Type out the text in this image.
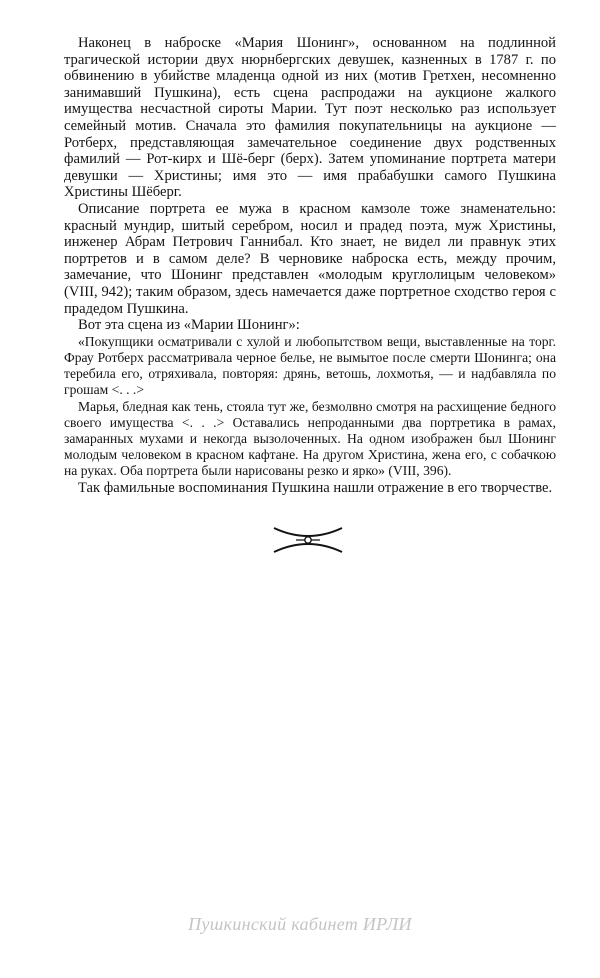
Наконец в наброске «Мария Шонинг», основанном на подлинной трагической истории двух нюрнбергских девушек, казненных в 1787 г. по обвинению в убийстве младенца одной из них (мотив Гретхен, несомненно занимавший Пушкина), есть сцена распродажи на аукционе жалкого имущества несчастной сироты Марии. Тут поэт несколько раз использует семейный мотив. Сначала это фамилия покупательницы на аукционе — Ротберх, представляющая замечательное соединение двух родственных фамилий — Рот-кирх и Шё-берг (берх). Затем упоминание портрета матери девушки — Христины; имя это — имя прабабушки самого Пушкина Христины Шёберг.

Описание портрета ее мужа в красном камзоле тоже знаменательно: красный мундир, шитый серебром, носил и прадед поэта, муж Христины, инженер Абрам Петрович Ганнибал. Кто знает, не видел ли правнук этих портретов и в самом деле? В черновике наброска есть, между прочим, замечание, что Шонинг представлен «молодым круглолицым человеком» (VIII, 942); таким образом, здесь намечается даже портретное сходство героя с прадедом Пушкина.

Вот эта сцена из «Марии Шонинг»:

«Покупщики осматривали с хулой и любопытством вещи, выставленные на торг. Фрау Ротберх рассматривала черное белье, не вымытое после смерти Шонинга; она теребила его, отряхивала, повторяя: дрянь, ветошь, лохмотья, — и надбавляла по грошам <. . .>

Марья, бледная как тень, стояла тут же, безмолвно смотря на расхищение бедного своего имущества <. . .> Оставались непроданными два портретика в рамах, замаранных мухами и некогда вызолоченных. На одном изображен был Шонинг молодым человеком в красном кафтане. На другом Христина, жена его, с собачкою на руках. Оба портрета были нарисованы резко и ярко» (VIII, 396).

Так фамильные воспоминания Пушкина нашли отражение в его творчестве.

Пушкинский кабинет ИРЛИ
